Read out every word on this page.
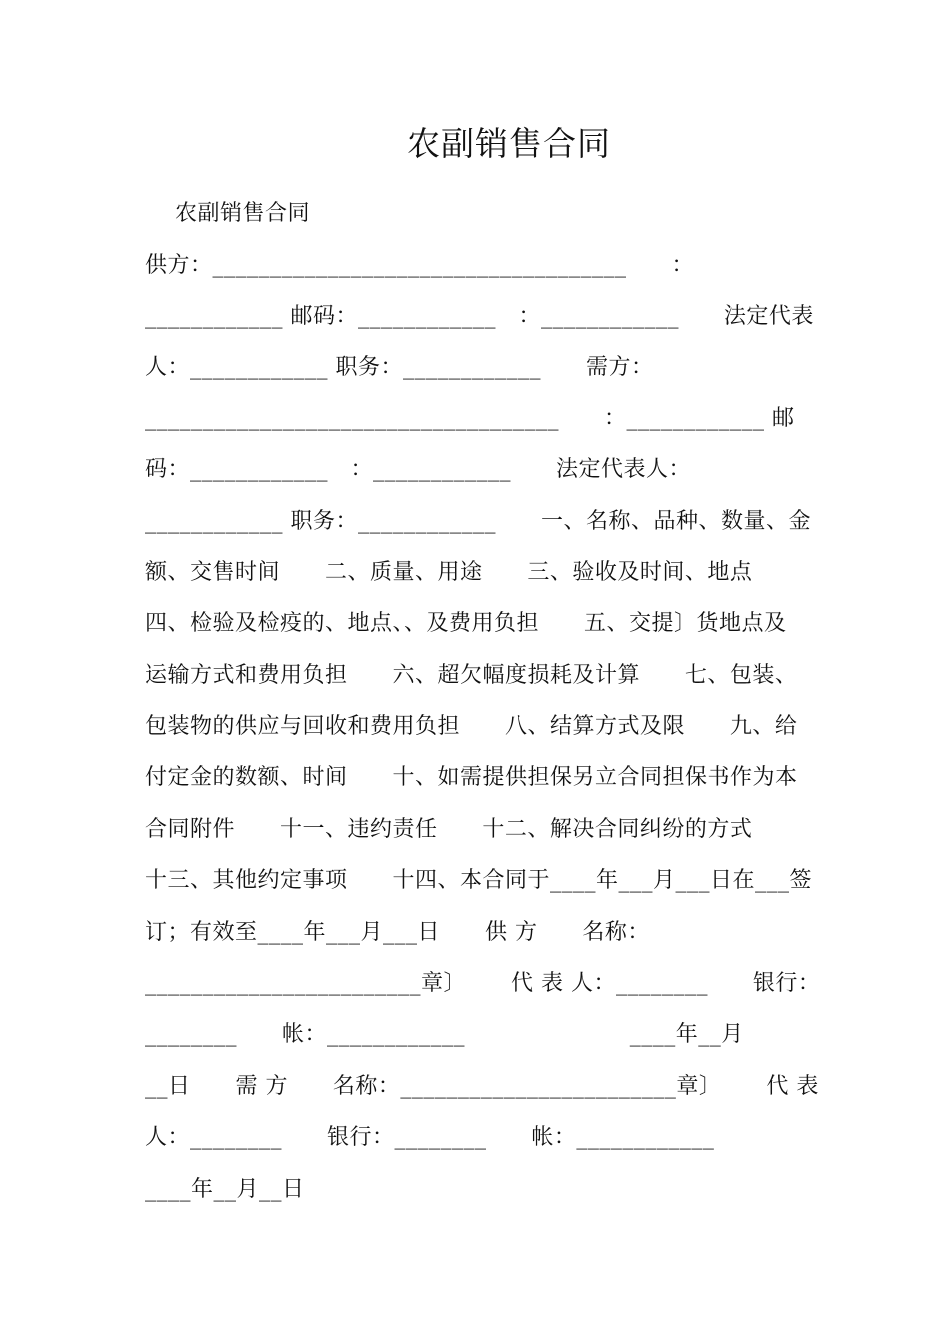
农副销售合同
农副销售合同
供方：____________________________________      ：
____________ 邮码：____________   ：____________      法定代表
人：____________ 职务：____________      需方：
____________________________________      ：____________ 邮
码：____________   ：____________      法定代表人：
____________ 职务：____________      一、名称、品种、数量、金
额、交售时间      二、质量、用途      三、验收及时间、地点
四、检验及检疫的、地点、、及费用负担      五、交提〕货地点及
运输方式和费用负担      六、超欠幅度损耗及计算      七、包装、
包装物的供应与回收和费用负担      八、结算方式及限      九、给
付定金的数额、时间      十、如需提供担保另立合同担保书作为本
合同附件      十一、违约责任      十二、解决合同纠纷的方式
十三、其他约定事项      十四、本合同于____年___月___日在___签
订；有效至____年___月___日      供 方      名称：
________________________章〕      代 表 人：________      银行：
________      帐：____________                      ____年__月
__日      需 方      名称：________________________章〕      代 表
人：________      银行：________      帐：____________
____年__月__日
